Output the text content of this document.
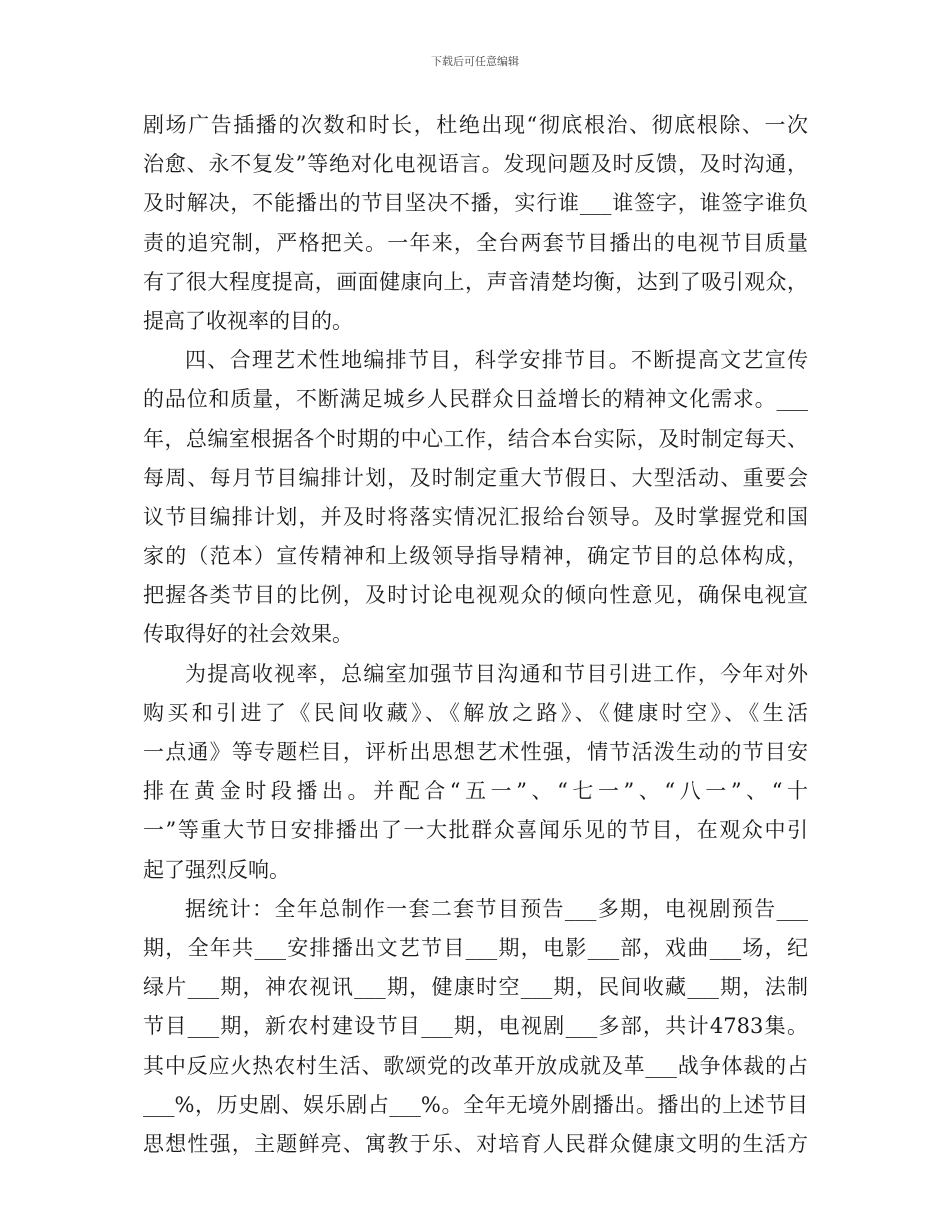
下载后可任意编辑
剧场广告插播的次数和时长，杜绝出现“彻底根治、彻底根除、一次
治愈、永不复发”等绝对化电视语言。发现问题及时反馈，及时沟通，
及时解决，不能播出的节目坚决不播，实行谁___谁签字，谁签字谁负
责的追究制，严格把关。一年来，全台两套节目播出的电视节目质量
有了很大程度提高，画面健康向上，声音清楚均衡，达到了吸引观众，
提高了收视率的目的。
四、合理艺术性地编排节目，科学安排节目。不断提高文艺宣传
的品位和质量，不断满足城乡人民群众日益增长的精神文化需求。___
年，总编室根据各个时期的中心工作，结合本台实际，及时制定每天、
每周、每月节目编排计划，及时制定重大节假日、大型活动、重要会
议节目编排计划，并及时将落实情况汇报给台领导。及时掌握党和国
家的（范本）宣传精神和上级领导指导精神，确定节目的总体构成，
把握各类节目的比例，及时讨论电视观众的倾向性意见，确保电视宣
传取得好的社会效果。
为提高收视率，总编室加强节目沟通和节目引进工作，今年对外
购买和引进了《民间收藏》、《解放之路》、《健康时空》、《生活
一点通》等专题栏目，评析出思想艺术性强，情节活泼生动的节目安
排在黄金时段播出。并配合“五一”、“七一”、“八一”、“十
一”等重大节日安排播出了一大批群众喜闻乐见的节目，在观众中引
起了强烈反响。
据统计：全年总制作一套二套节目预告___多期，电视剧预告___
期，全年共___安排播出文艺节目___期，电影___部，戏曲___场，纪
绿片___期，神农视讯___期，健康时空___期，民间收藏___期，法制
节目___期，新农村建设节目___期，电视剧___多部，共计4783集。
其中反应火热农村生活、歌颂党的改革开放成就及革___战争体裁的占
___%，历史剧、娱乐剧占___%。全年无境外剧播出。播出的上述节目
思想性强，主题鲜亮、寓教于乐、对培育人民群众健康文明的生活方
